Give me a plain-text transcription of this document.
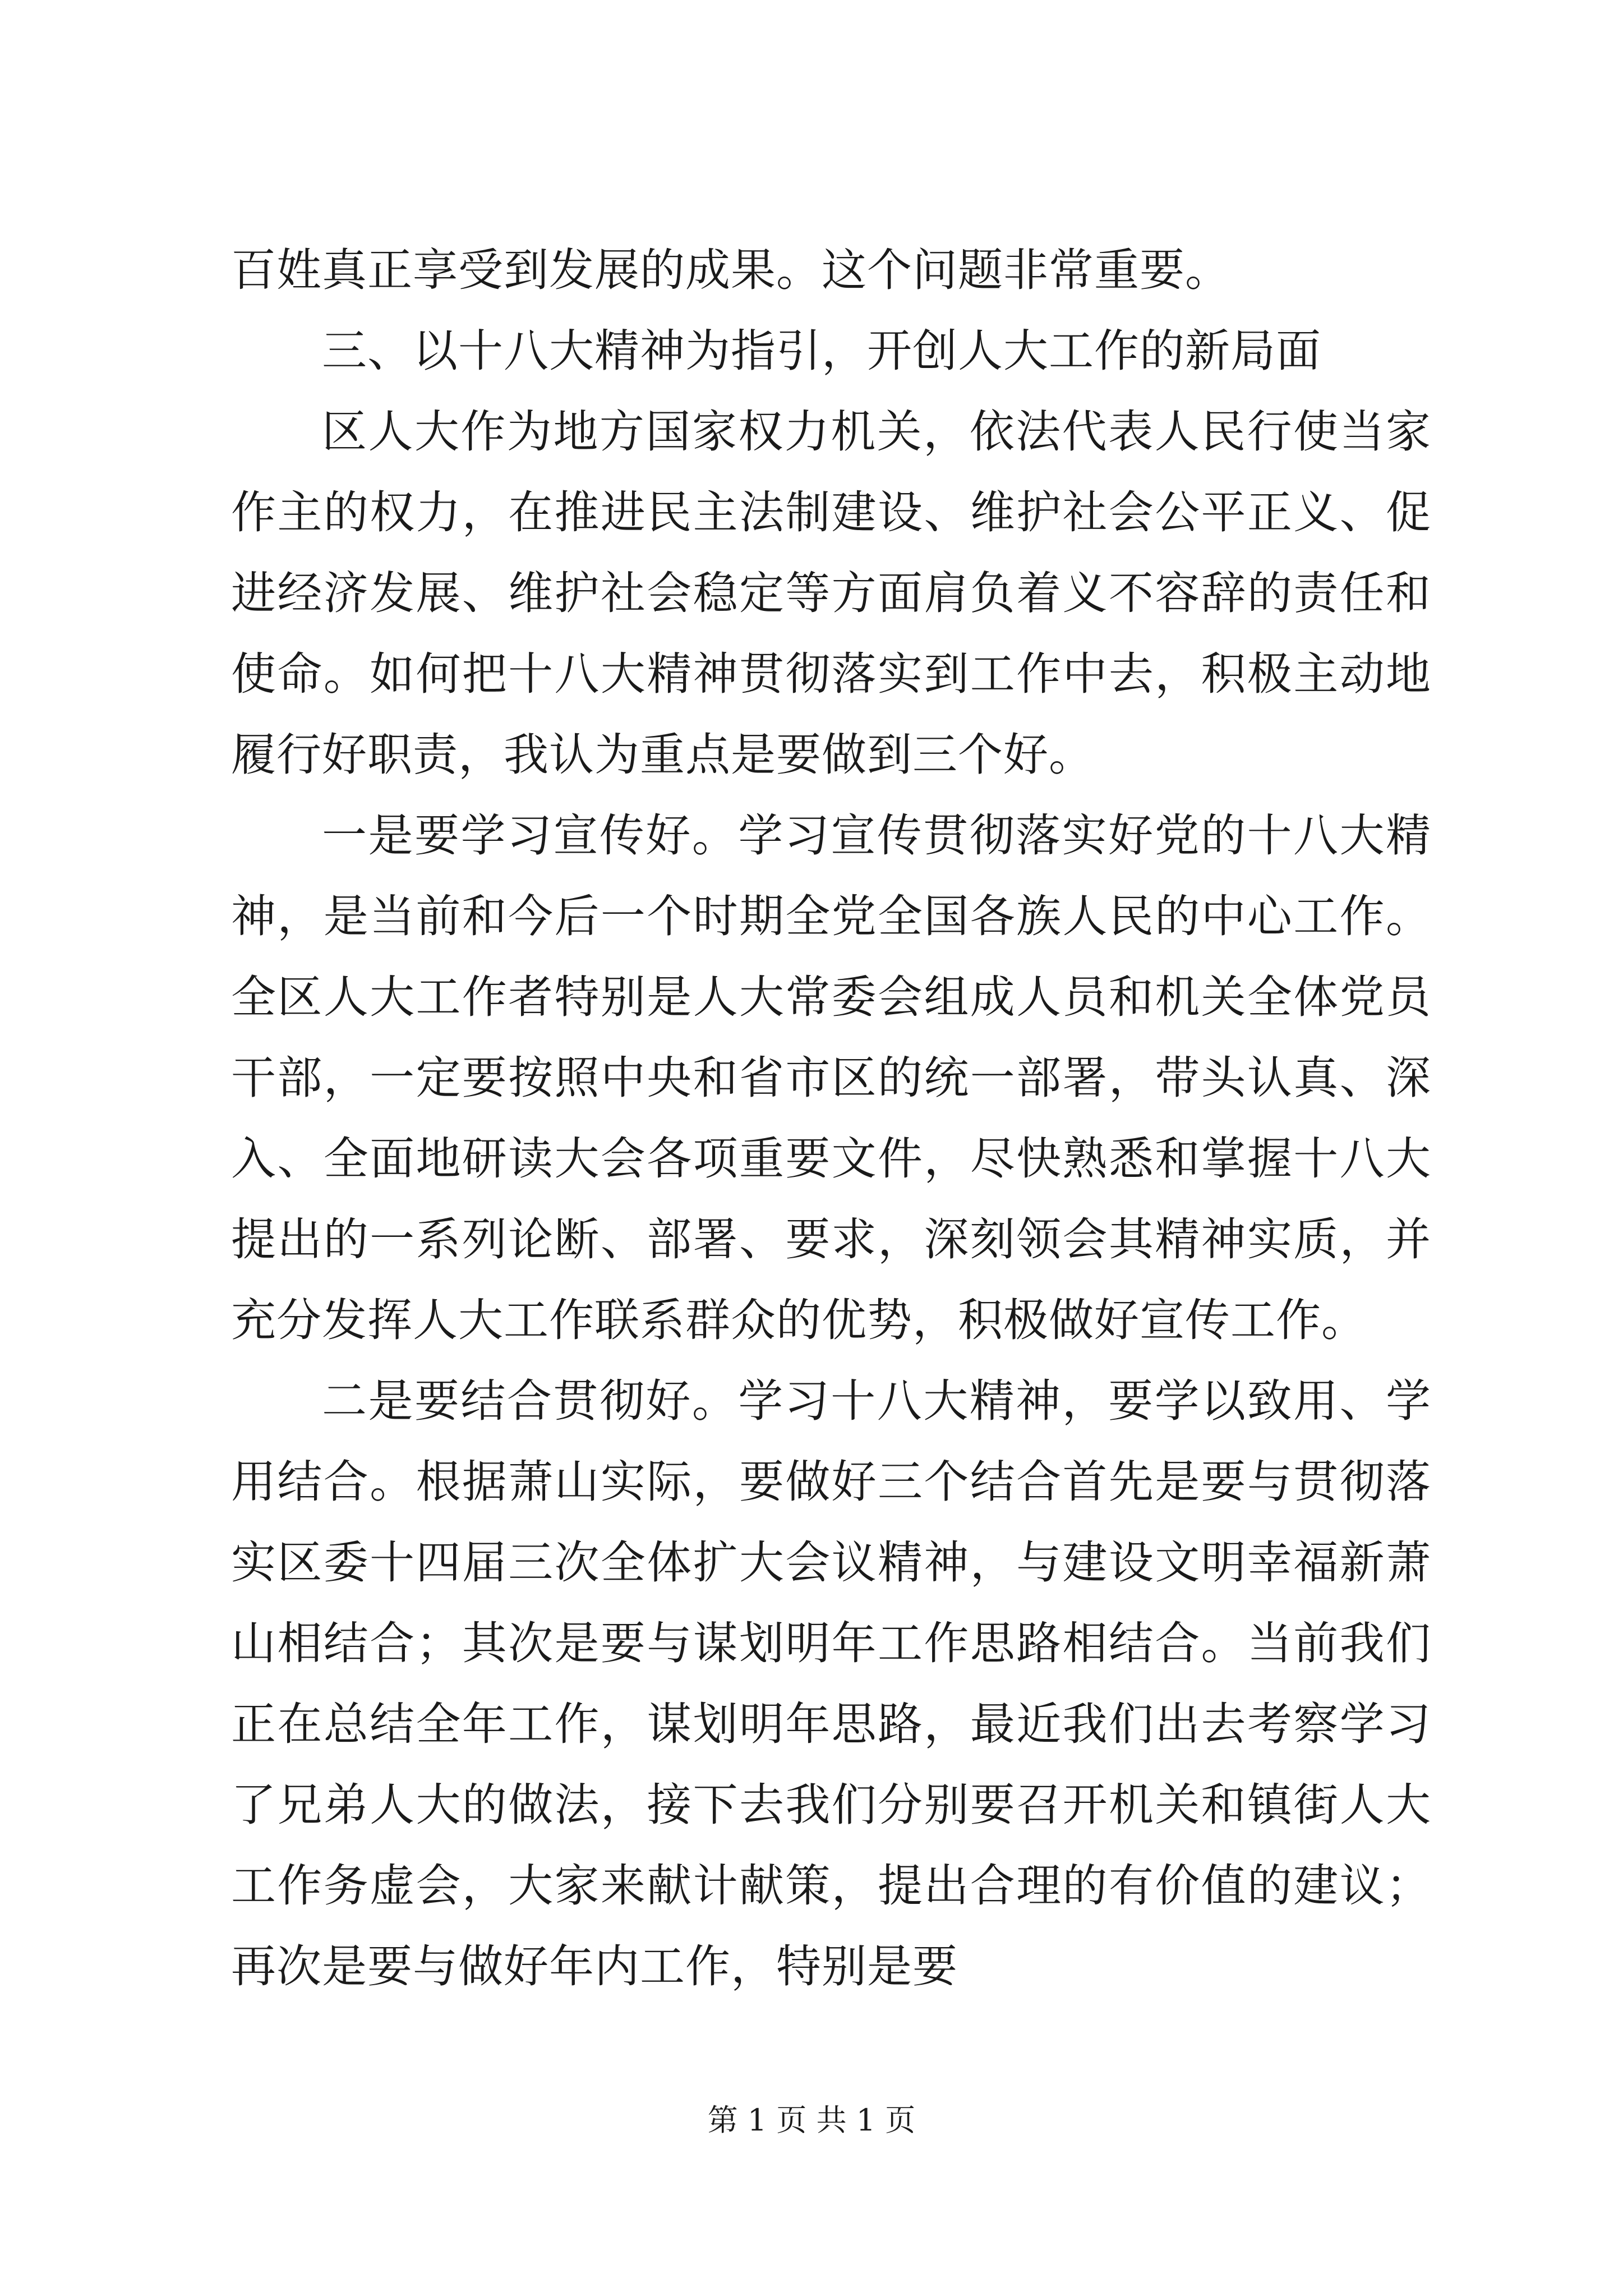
百姓真正享受到发展的成果。这个问题非常重要。

三、以十八大精神为指引，开创人大工作的新局面

区人大作为地方国家权力机关，依法代表人民行使当家作主的权力，在推进民主法制建设、维护社会公平正义、促进经济发展、维护社会稳定等方面肩负着义不容辞的责任和使命。如何把十八大精神贯彻落实到工作中去，积极主动地履行好职责，我认为重点是要做到三个好。

一是要学习宣传好。学习宣传贯彻落实好党的十八大精神，是当前和今后一个时期全党全国各族人民的中心工作。全区人大工作者特别是人大常委会组成人员和机关全体党员干部，一定要按照中央和省市区的统一部署，带头认真、深入、全面地研读大会各项重要文件，尽快熟悉和掌握十八大提出的一系列论断、部署、要求，深刻领会其精神实质，并充分发挥人大工作联系群众的优势，积极做好宣传工作。

二是要结合贯彻好。学习十八大精神，要学以致用、学用结合。根据萧山实际，要做好三个结合首先是要与贯彻落实区委十四届三次全体扩大会议精神，与建设文明幸福新萧山相结合；其次是要与谋划明年工作思路相结合。当前我们正在总结全年工作，谋划明年思路，最近我们出去考察学习了兄弟人大的做法，接下去我们分别要召开机关和镇街人大工作务虚会，大家来献计献策，提出合理的有价值的建议；再次是要与做好年内工作，特别是要

第 1 页 共 1 页
